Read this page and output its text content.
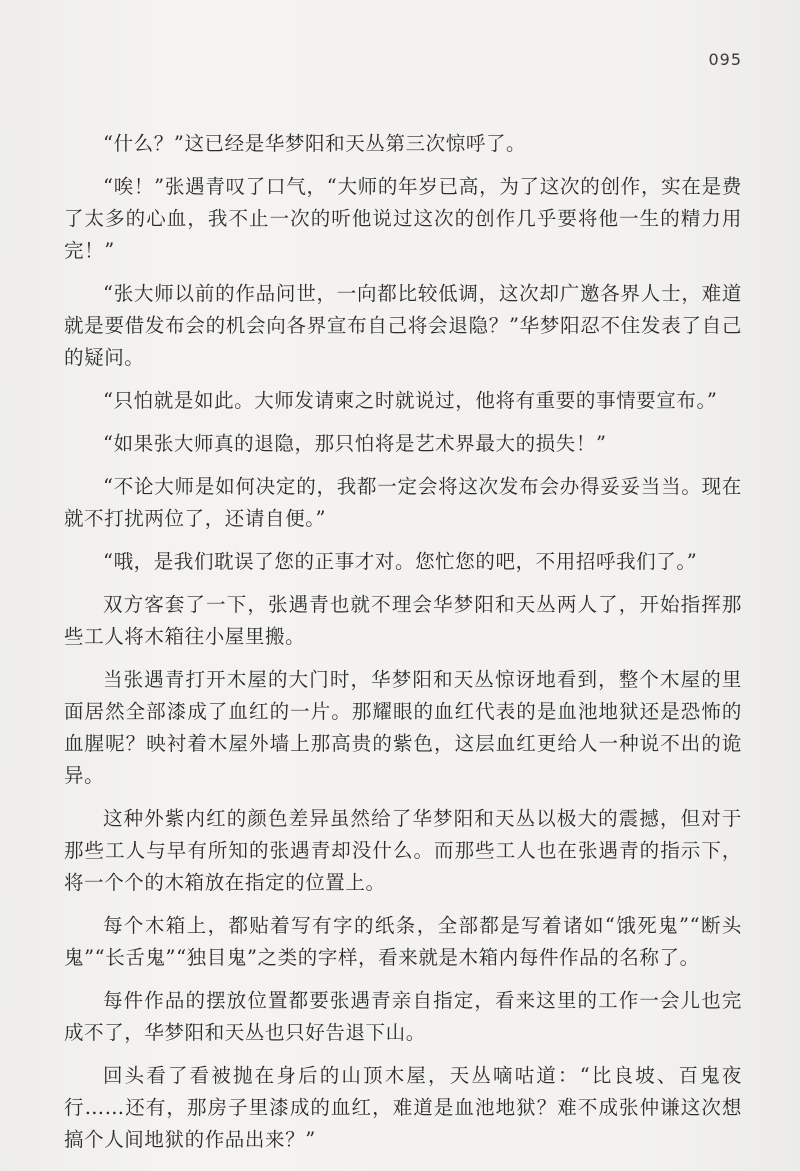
095

“什么？”这已经是华梦阳和天丛第三次惊呼了。

“唉！”张遇青叹了口气，“大师的年岁已高，为了这次的创作，实在是费了太多的心血，我不止一次的听他说过这次的创作几乎要将他一生的精力用完！”

“张大师以前的作品问世，一向都比较低调，这次却广邀各界人士，难道就是要借发布会的机会向各界宣布自己将会退隐？”华梦阳忍不住发表了自己的疑问。

“只怕就是如此。大师发请柬之时就说过，他将有重要的事情要宣布。”

“如果张大师真的退隐，那只怕将是艺术界最大的损失！”

“不论大师是如何决定的，我都一定会将这次发布会办得妥妥当当。现在就不打扰两位了，还请自便。”

“哦，是我们耽误了您的正事才对。您忙您的吧，不用招呼我们了。”

双方客套了一下，张遇青也就不理会华梦阳和天丛两人了，开始指挥那些工人将木箱往小屋里搬。

当张遇青打开木屋的大门时，华梦阳和天丛惊讶地看到，整个木屋的里面居然全部漆成了血红的一片。那耀眼的血红代表的是血池地狱还是恐怖的血腥呢？映衬着木屋外墙上那高贵的紫色，这层血红更给人一种说不出的诡异。

这种外紫内红的颜色差异虽然给了华梦阳和天丛以极大的震撼，但对于那些工人与早有所知的张遇青却没什么。而那些工人也在张遇青的指示下，将一个个的木箱放在指定的位置上。

每个木箱上，都贴着写有字的纸条，全部都是写着诸如“饿死鬼”“断头鬼”“长舌鬼”“独目鬼”之类的字样，看来就是木箱内每件作品的名称了。

每件作品的摆放位置都要张遇青亲自指定，看来这里的工作一会儿也完成不了，华梦阳和天丛也只好告退下山。

回头看了看被抛在身后的山顶木屋，天丛嘀咕道：“比良坡、百鬼夜行……还有，那房子里漆成的血红，难道是血池地狱？难不成张仲谦这次想搞个人间地狱的作品出来？”
